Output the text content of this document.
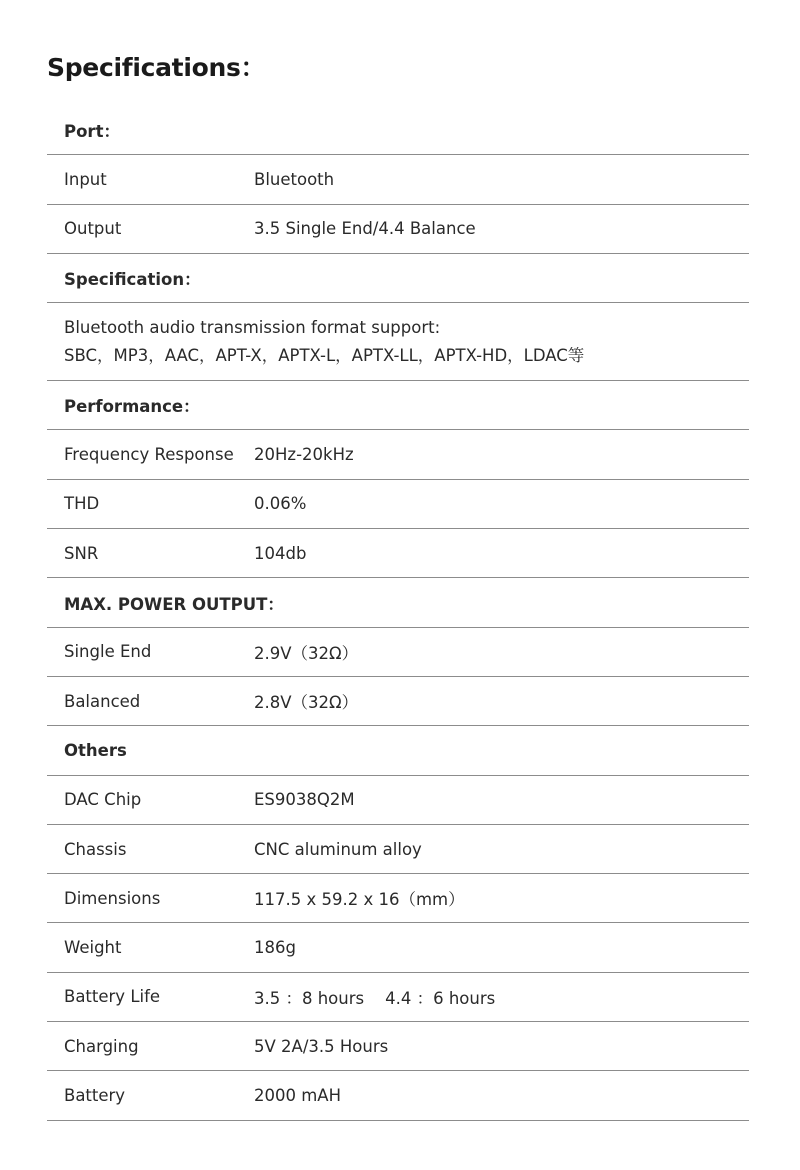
Specifications：
Port：
Input	Bluetooth
Output	3.5 Single End/4.4 Balance
Specification：
Bluetooth audio transmission format support:
SBC，MP3，AAC，APT-X，APTX-L，APTX-LL，APTX-HD，LDAC等
Performance：
Frequency Response	20Hz-20kHz
THD	0.06%
SNR	104db
MAX. POWER OUTPUT：
Single End	2.9V（32Ω）
Balanced	2.8V（32Ω）
Others
DAC Chip	ES9038Q2M
Chassis	CNC aluminum alloy
Dimensions	117.5 x 59.2 x 16（mm）
Weight	186g
Battery Life	3.5 ：8 hours    4.4 ：6 hours
Charging	5V 2A/3.5 Hours
Battery	2000 mAH
